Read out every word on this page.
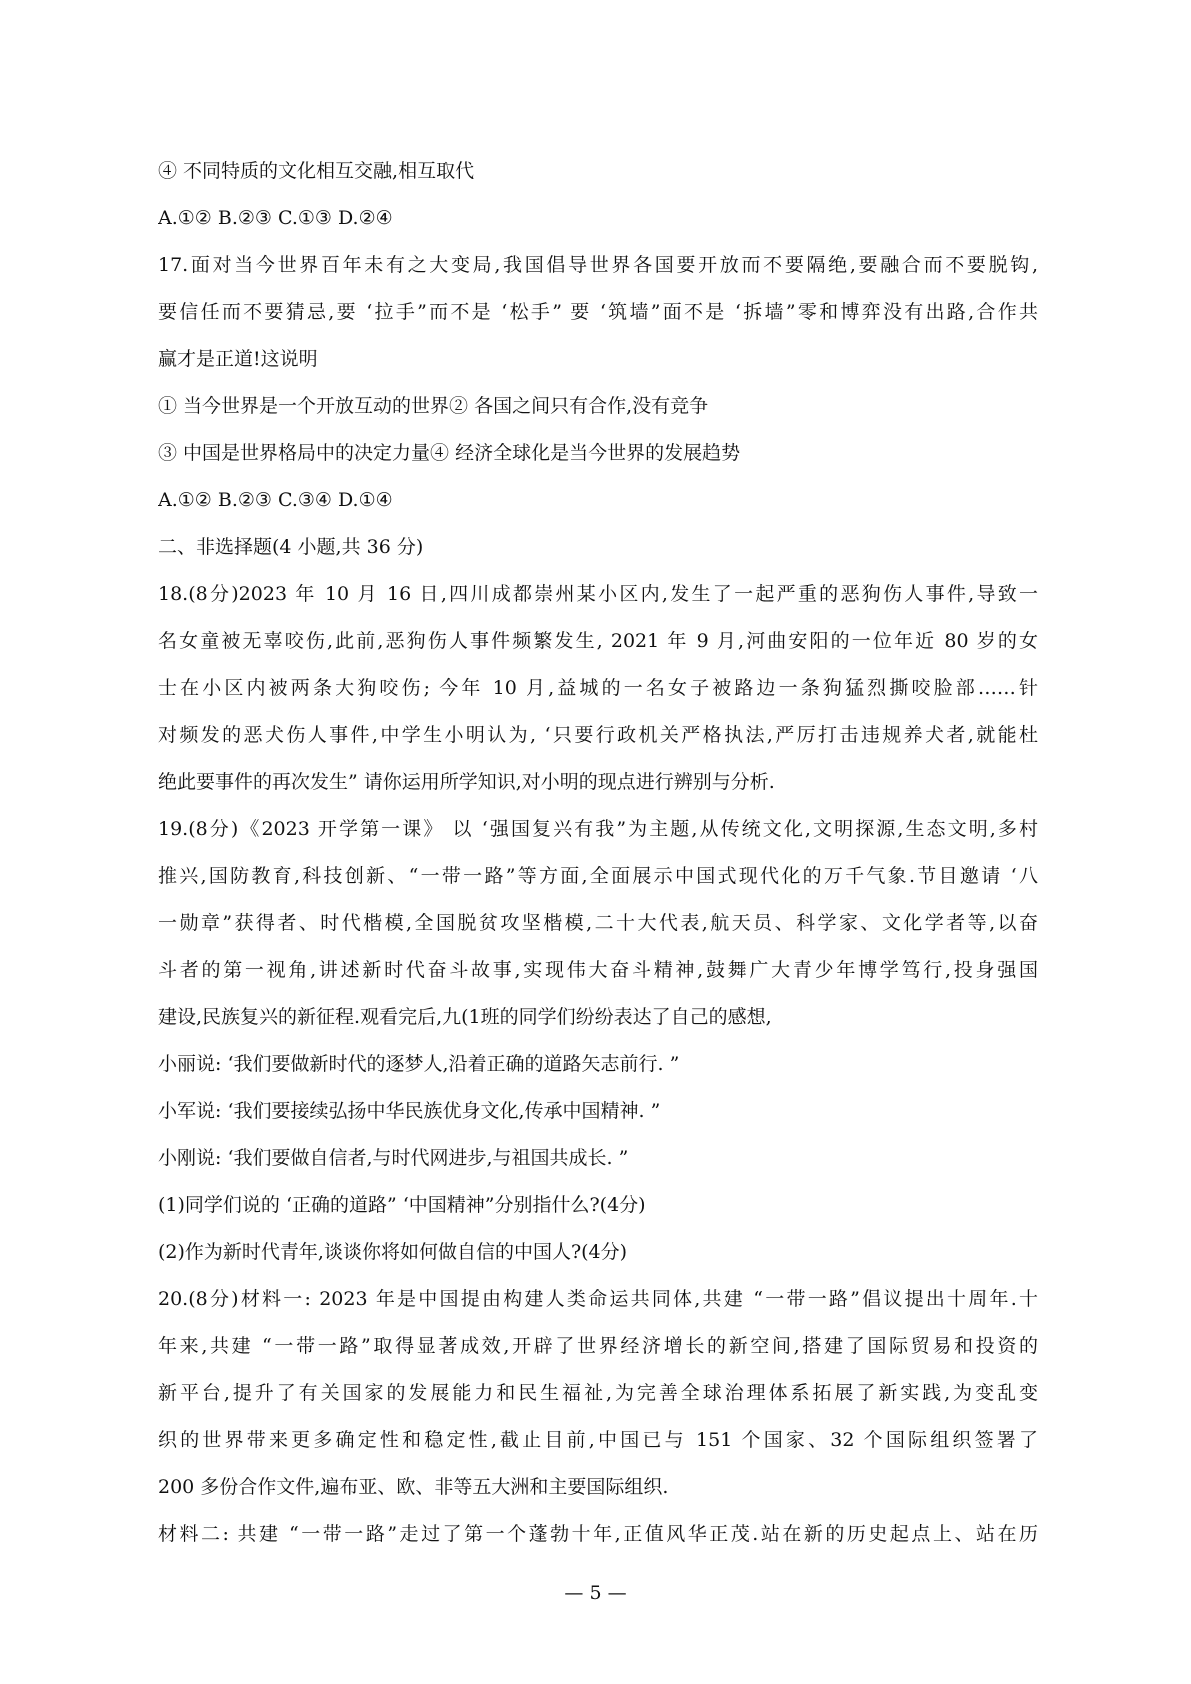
④ 不同特质的文化相互交融,相互取代
A.①② B.②③ C.①③ D.②④
17.面对当今世界百年未有之大变局,我国倡导世界各国要开放而不要隔绝,要融合而不要脱钩,
要信任而不要猜忌,要 ‘拉手”而不是 ‘松手” 要 ‘筑墙”面不是 ‘拆墙”零和博弈没有出路,合作共
赢才是正道!这说明
① 当今世界是一个开放互动的世界② 各国之间只有合作,没有竞争
③ 中国是世界格局中的决定力量④ 经济全球化是当今世界的发展趋势
A.①② B.②③ C.③④ D.①④
二、非选择题(4 小题,共 36 分)
18.(8分)2023 年 10 月 16 日,四川成都崇州某小区内,发生了一起严重的恶狗伤人事件,导致一
名女童被无辜咬伤,此前,恶狗伤人事件频繁发生, 2021 年 9 月,河曲安阳的一位年近 80 岁的女
士在小区内被两条大狗咬伤; 今年 10 月,益城的一名女子被路边一条狗猛烈撕咬脸部……针
对频发的恶犬伤人事件,中学生小明认为, ‘只要行政机关严格执法,严厉打击违规养犬者,就能杜
绝此要事件的再次发生” 请你运用所学知识,对小明的现点进行辨别与分析.
19.(8分)《2023 开学第一课》 以 ‘强国复兴有我”为主题,从传统文化,文明探源,生态文明,多村
推兴,国防教育,科技创新、“一带一路”等方面,全面展示中国式现代化的万千气象.节目邀请 ‘八
一勋章”获得者、时代楷模,全国脱贫攻坚楷模,二十大代表,航天员、科学家、文化学者等,以奋
斗者的第一视角,讲述新时代奋斗故事,实现伟大奋斗精神,鼓舞广大青少年博学笃行,投身强国
建设,民族复兴的新征程.观看完后,九(1班的同学们纷纷表达了自己的感想,
小丽说: ‘我们要做新时代的逐梦人,沿着正确的道路矢志前行. ”
小军说: ‘我们要接续弘扬中华民族优身文化,传承中国精神. ”
小刚说: ‘我们要做自信者,与时代网进步,与祖国共成长. ”
(1)同学们说的 ‘正确的道路” ‘中国精神”分别指什么?(4分)
(2)作为新时代青年,谈谈你将如何做自信的中国人?(4分)
20.(8分)材料一: 2023 年是中国提由构建人类命运共同体,共建 “一带一路”倡议提出十周年.十
年来,共建 “一带一路”取得显著成效,开辟了世界经济增长的新空间,搭建了国际贸易和投资的
新平台,提升了有关国家的发展能力和民生福祉,为完善全球治理体系拓展了新实践,为变乱变
织的世界带来更多确定性和稳定性,截止目前,中国已与 151 个国家、32 个国际组织签署了
200 多份合作文件,遍布亚、欧、非等五大洲和主要国际组织.
材料二: 共建 “一带一路”走过了第一个蓬勃十年,正值风华正茂.站在新的历史起点上、站在历
— 5 —
